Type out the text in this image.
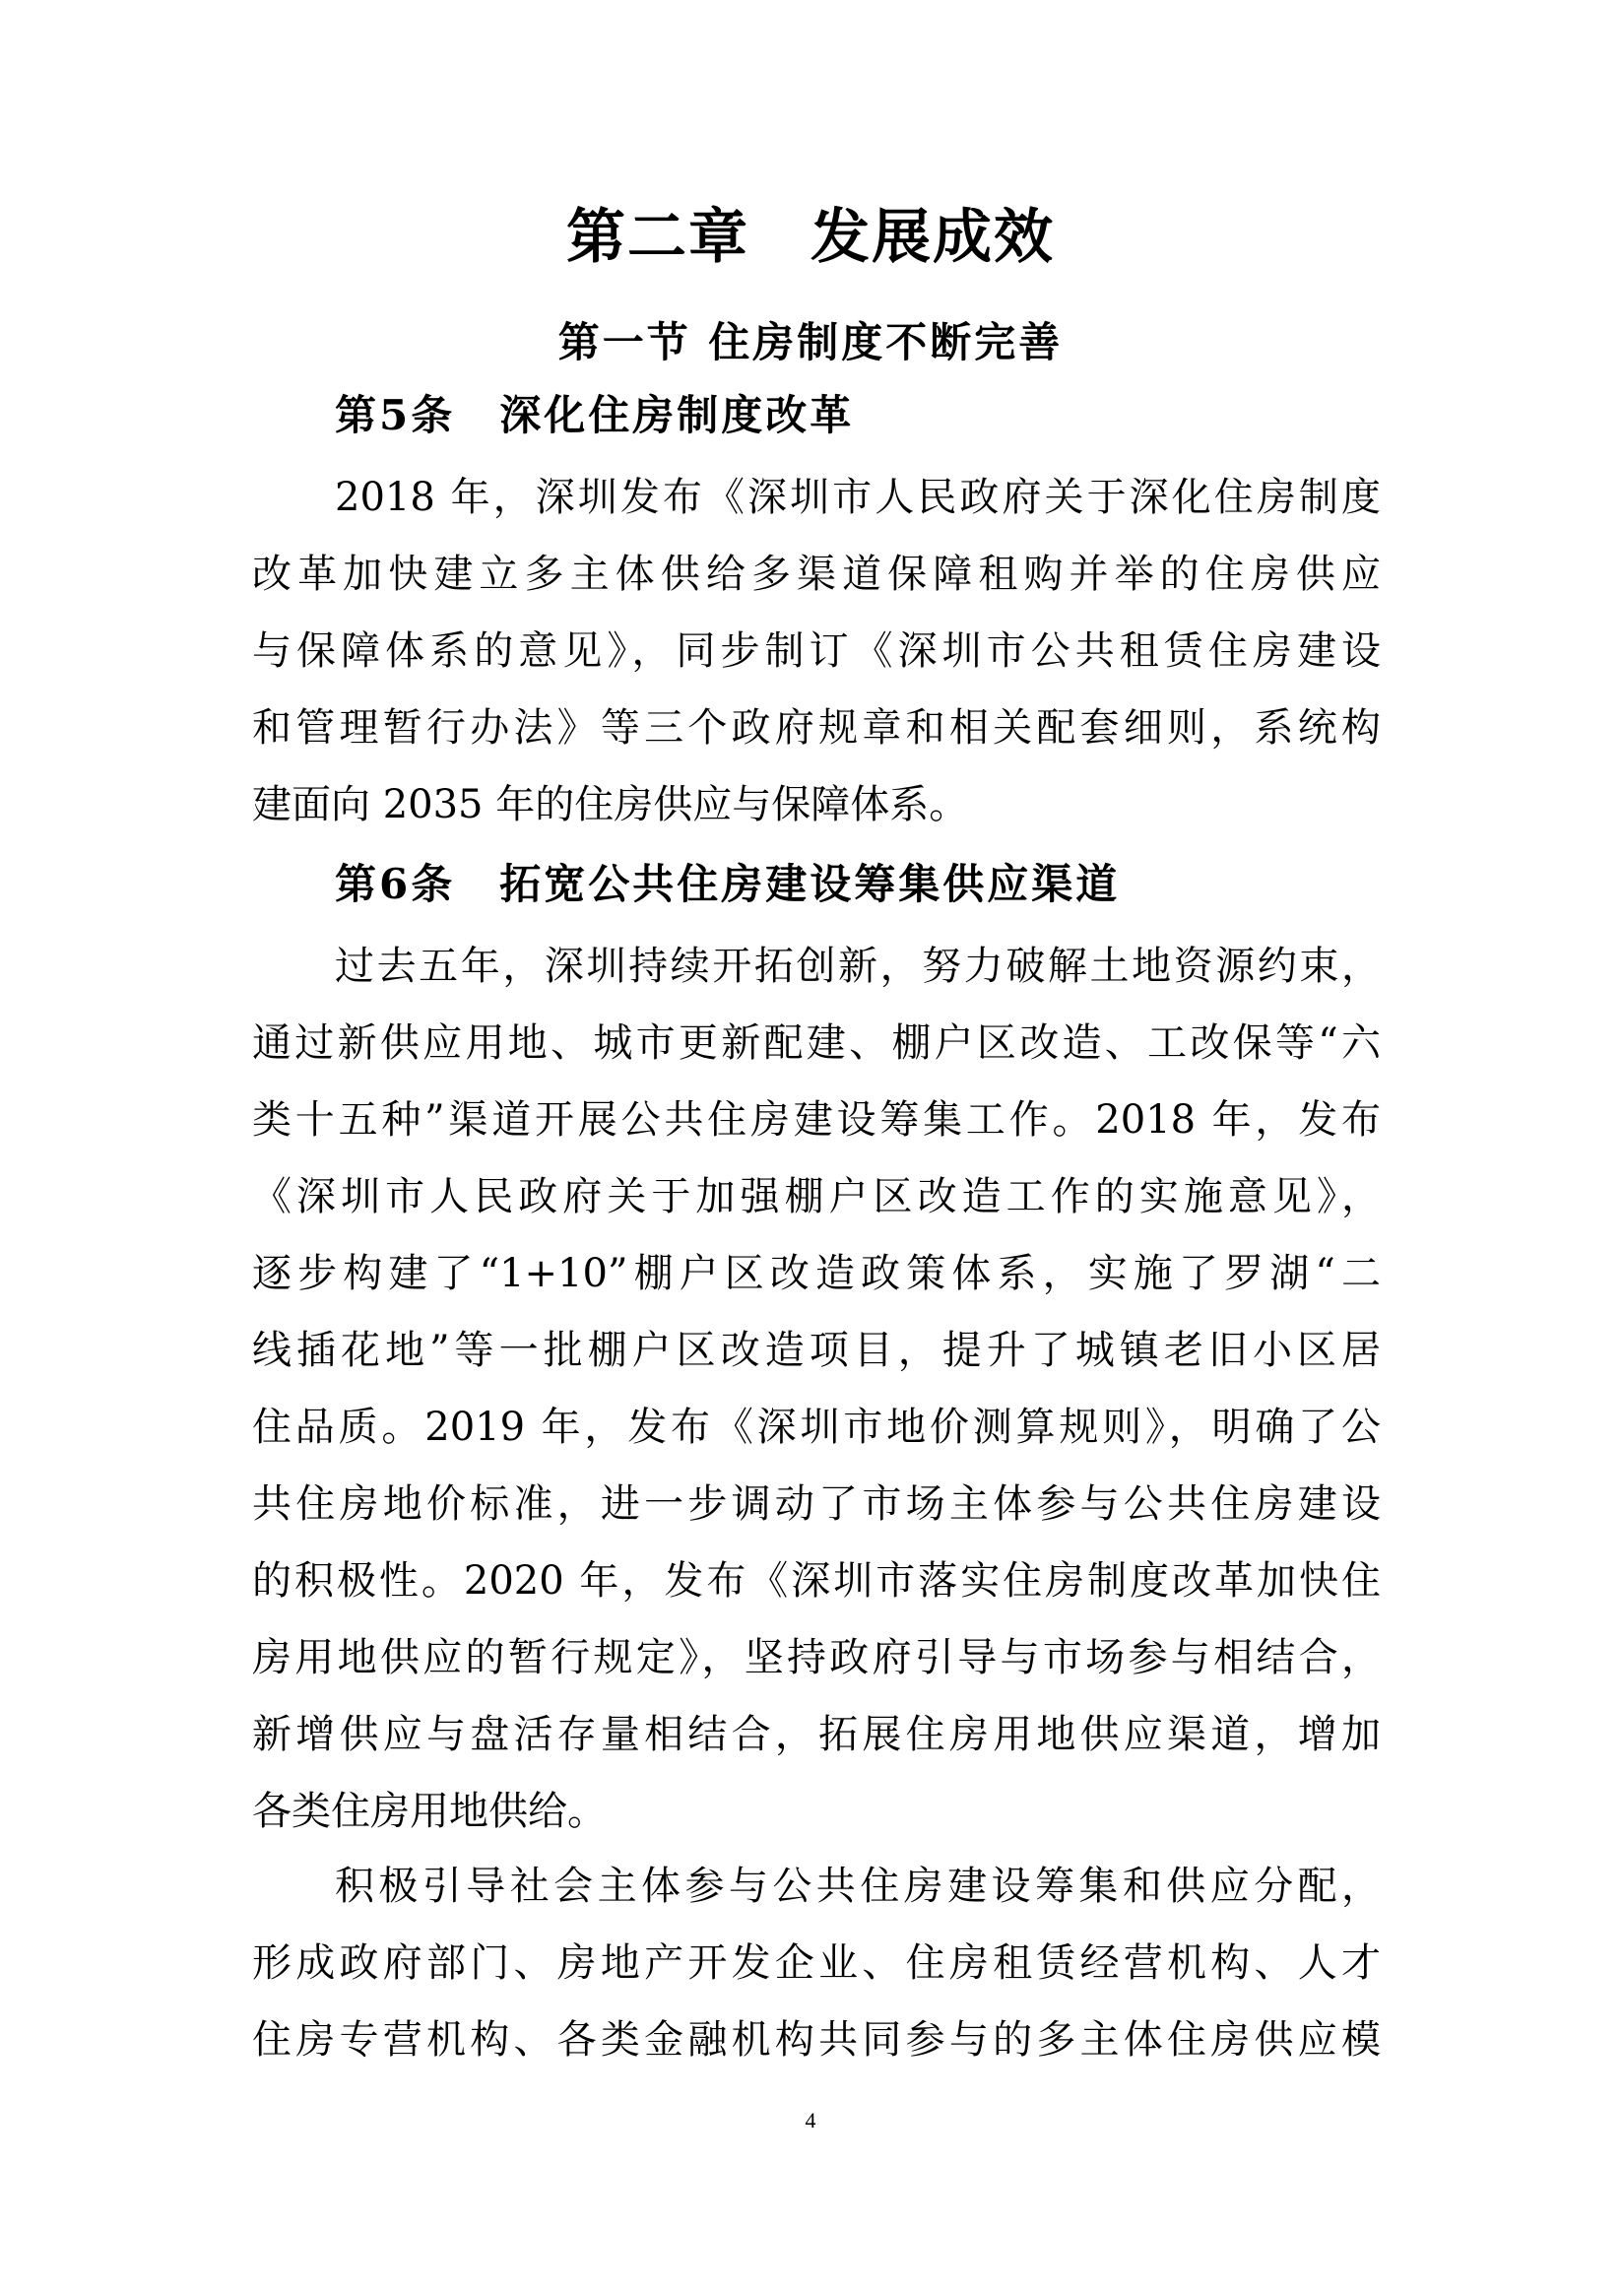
第二章　发展成效
第一节 住房制度不断完善
第5条　深化住房制度改革
2018 年，深圳发布《深圳市人民政府关于深化住房制度
改革加快建立多主体供给多渠道保障租购并举的住房供应
与保障体系的意见》，同步制订《深圳市公共租赁住房建设
和管理暂行办法》等三个政府规章和相关配套细则，系统构
建面向 2035 年的住房供应与保障体系。
第6条　拓宽公共住房建设筹集供应渠道
过去五年，深圳持续开拓创新，努力破解土地资源约束，
通过新供应用地、城市更新配建、棚户区改造、工改保等“六
类十五种”渠道开展公共住房建设筹集工作。2018 年，发布
《深圳市人民政府关于加强棚户区改造工作的实施意见》，
逐步构建了“1+10”棚户区改造政策体系，实施了罗湖“二
线插花地”等一批棚户区改造项目，提升了城镇老旧小区居
住品质。2019 年，发布《深圳市地价测算规则》，明确了公
共住房地价标准，进一步调动了市场主体参与公共住房建设
的积极性。2020 年，发布《深圳市落实住房制度改革加快住
房用地供应的暂行规定》，坚持政府引导与市场参与相结合，
新增供应与盘活存量相结合，拓展住房用地供应渠道，增加
各类住房用地供给。
积极引导社会主体参与公共住房建设筹集和供应分配，
形成政府部门、房地产开发企业、住房租赁经营机构、人才
住房专营机构、各类金融机构共同参与的多主体住房供应模
4
